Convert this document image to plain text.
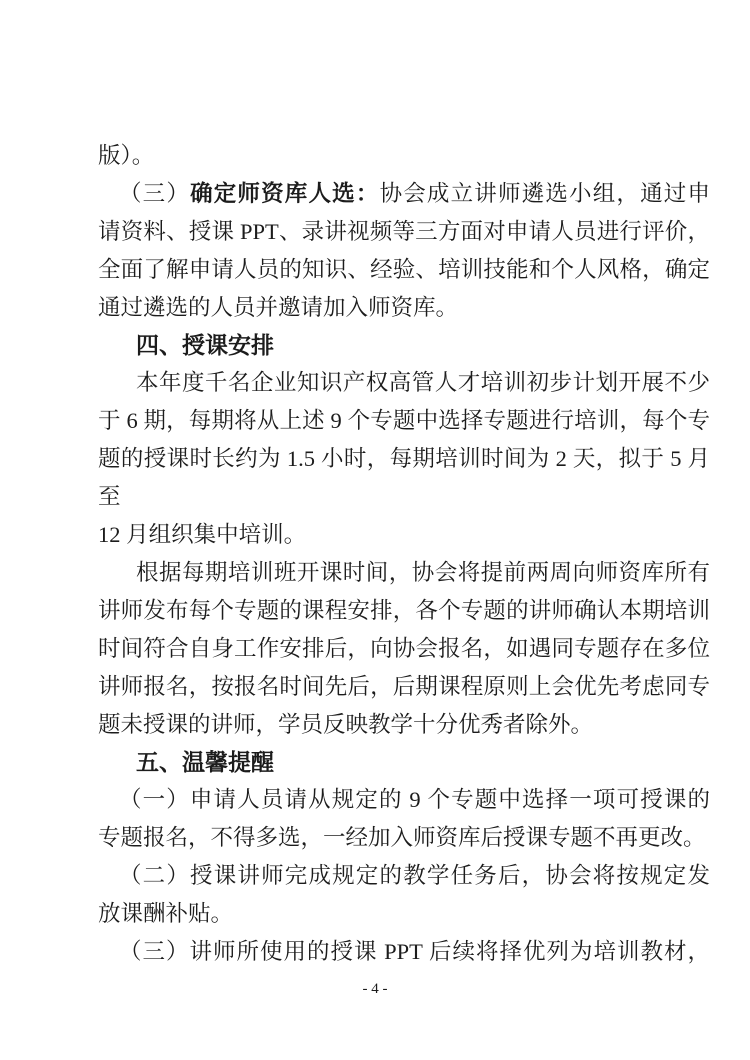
版）。
（三）确定师资库人选：协会成立讲师遴选小组，通过申
请资料、授课 PPT、录讲视频等三方面对申请人员进行评价，
全面了解申请人员的知识、经验、培训技能和个人风格，确定
通过遴选的人员并邀请加入师资库。
四、授课安排
本年度千名企业知识产权高管人才培训初步计划开展不少
于 6 期，每期将从上述 9 个专题中选择专题进行培训，每个专
题的授课时长约为 1.5 小时，每期培训时间为 2 天，拟于 5 月至
12 月组织集中培训。
根据每期培训班开课时间，协会将提前两周向师资库所有
讲师发布每个专题的课程安排，各个专题的讲师确认本期培训
时间符合自身工作安排后，向协会报名，如遇同专题存在多位
讲师报名，按报名时间先后，后期课程原则上会优先考虑同专
题未授课的讲师，学员反映教学十分优秀者除外。
五、温馨提醒
（一）申请人员请从规定的 9 个专题中选择一项可授课的
专题报名，不得多选，一经加入师资库后授课专题不再更改。
（二）授课讲师完成规定的教学任务后，协会将按规定发
放课酬补贴。
（三）讲师所使用的授课 PPT 后续将择优列为培训教材，
- 4 -
